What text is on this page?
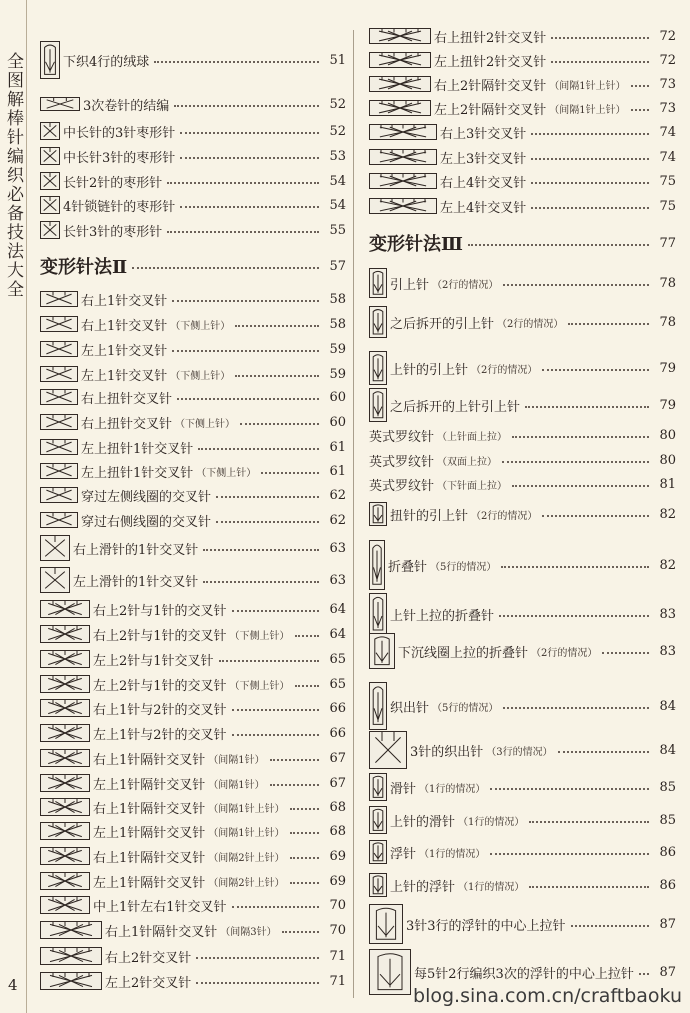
全图解棒针编织必备技法大全
4
下织4行的绒球	51
3次卷针的结编	52
中长针的3针枣形针	52
中长针3针的枣形针	53
长针2针的枣形针	54
4针锁链针的枣形针	54
长针3针的枣形针	55
变形针法Ⅱ	57
右上1针交叉针	58
右上1针交叉针 （下侧上针）	58
左上1针交叉针	59
左上1针交叉针 （下侧上针）	59
右上扭针交叉针	60
右上扭针交叉针 （下侧上针）	60
左上扭针1针交叉针	61
左上扭针1针交叉针 （下侧上针）	61
穿过左侧线圈的交叉针	62
穿过右侧线圈的交叉针	62
右上滑针的1针交叉针	63
左上滑针的1针交叉针	63
右上2针与1针的交叉针	64
右上2针与1针的交叉针 （下侧上针）	64
左上2针与1针交叉针	65
左上2针与1针的交叉针 （下侧上针）	65
右上1针与2针的交叉针	66
左上1针与2针的交叉针	66
右上1针隔针交叉针 （间隔1针）	67
左上1针隔针交叉针 （间隔1针）	67
右上1针隔针交叉针 （间隔1针上针）	68
左上1针隔针交叉针 （间隔1针上针）	68
右上1针隔针交叉针 （间隔2针上针）	69
左上1针隔针交叉针 （间隔2针上针）	69
中上1针左右1针交叉针	70
右上1针隔针交叉针 （间隔3针）	70
右上2针交叉针	71
左上2针交叉针	71
右上扭针2针交叉针	72
左上扭针2针交叉针	72
右上2针隔针交叉针 （间隔1针上针）	73
左上2针隔针交叉针 （间隔1针上针）	73
右上3针交叉针	74
左上3针交叉针	74
右上4针交叉针	75
左上4针交叉针	75
变形针法Ⅲ	77
引上针 （2行的情况）	78
之后拆开的引上针 （2行的情况）	78
上针的引上针 （2行的情况）	79
之后拆开的上针引上针	79
英式罗纹针 （上针面上拉）	80
英式罗纹针 （双面上拉）	80
英式罗纹针 （下针面上拉）	81
扭针的引上针 （2行的情况）	82
折叠针 （5行的情况）	82
上针上拉的折叠针	83
下沉线圈上拉的折叠针 （2行的情况）	83
织出针 （5行的情况）	84
3针的织出针 （3行的情况）	84
滑针 （1行的情况）	85
上针的滑针 （1行的情况）	85
浮针 （1行的情况）	86
上针的浮针 （1行的情况）	86
3针3行的浮针的中心上拉针	87
每5针2行编织3次的浮针的中心上拉针	87
blog.sina.com.cn/craftbaoku
